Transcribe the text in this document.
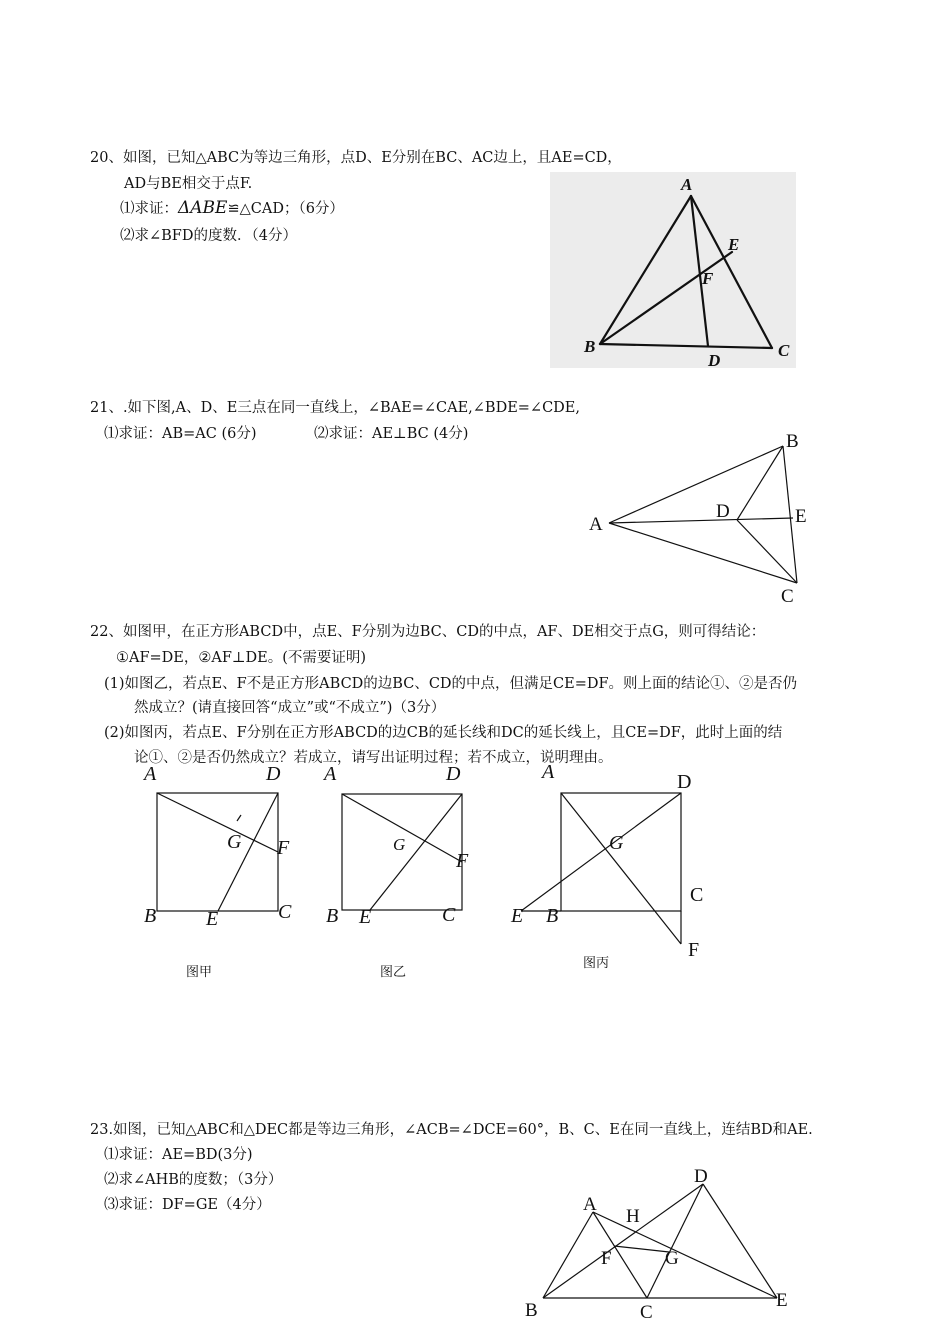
20、如图，已知△ABC为等边三角形，点D、E分别在BC、AC边上，且AE=CD，
AD与BE相交于点F.
⑴求证：ΔABE≌△CAD；（6分）
⑵求∠BFD的度数．（4分）
A
B	C
D
E
F
21、.如下图,A、D、E三点在同一直线上，∠BAE=∠CAE,∠BDE=∠CDE,
⑴求证：AB=AC (6分)	⑵求证：AE⊥BC (4分)
A
B
C
D	E
22、如图甲，在正方形ABCD中，点E、F分别为边BC、CD的中点，AF、DE相交于点G，则可得结论：
①AF=DE，②AF⊥DE。(不需要证明)
(1)如图乙，若点E、F不是正方形ABCD的边BC、CD的中点，但满足CE=DF。则上面的结论①、②是否仍
然成立？(请直接回答“成立”或“不成立”)（3分）
(2)如图丙，若点E、F分别在正方形ABCD的边CB的延长线和DC的延长线上，且CE=DF，此时上面的结
论①、②是否仍然成立？若成立，请写出证明过程；若不成立，说明理由。
A	D
B	C
E
F
G
图甲
A	D
B	C
E
F
G
图乙
A	D
B
C
E
F
G
图丙
23.如图，已知△ABC和△DEC都是等边三角形，∠ACB=∠DCE=60°，B、C、E在同一直线上，连结BD和AE.
⑴求证：AE=BD(3分)
⑵求∠AHB的度数；（3分）
⑶求证：DF=GE（4分）	A
B	C
D
E
F	G
H
